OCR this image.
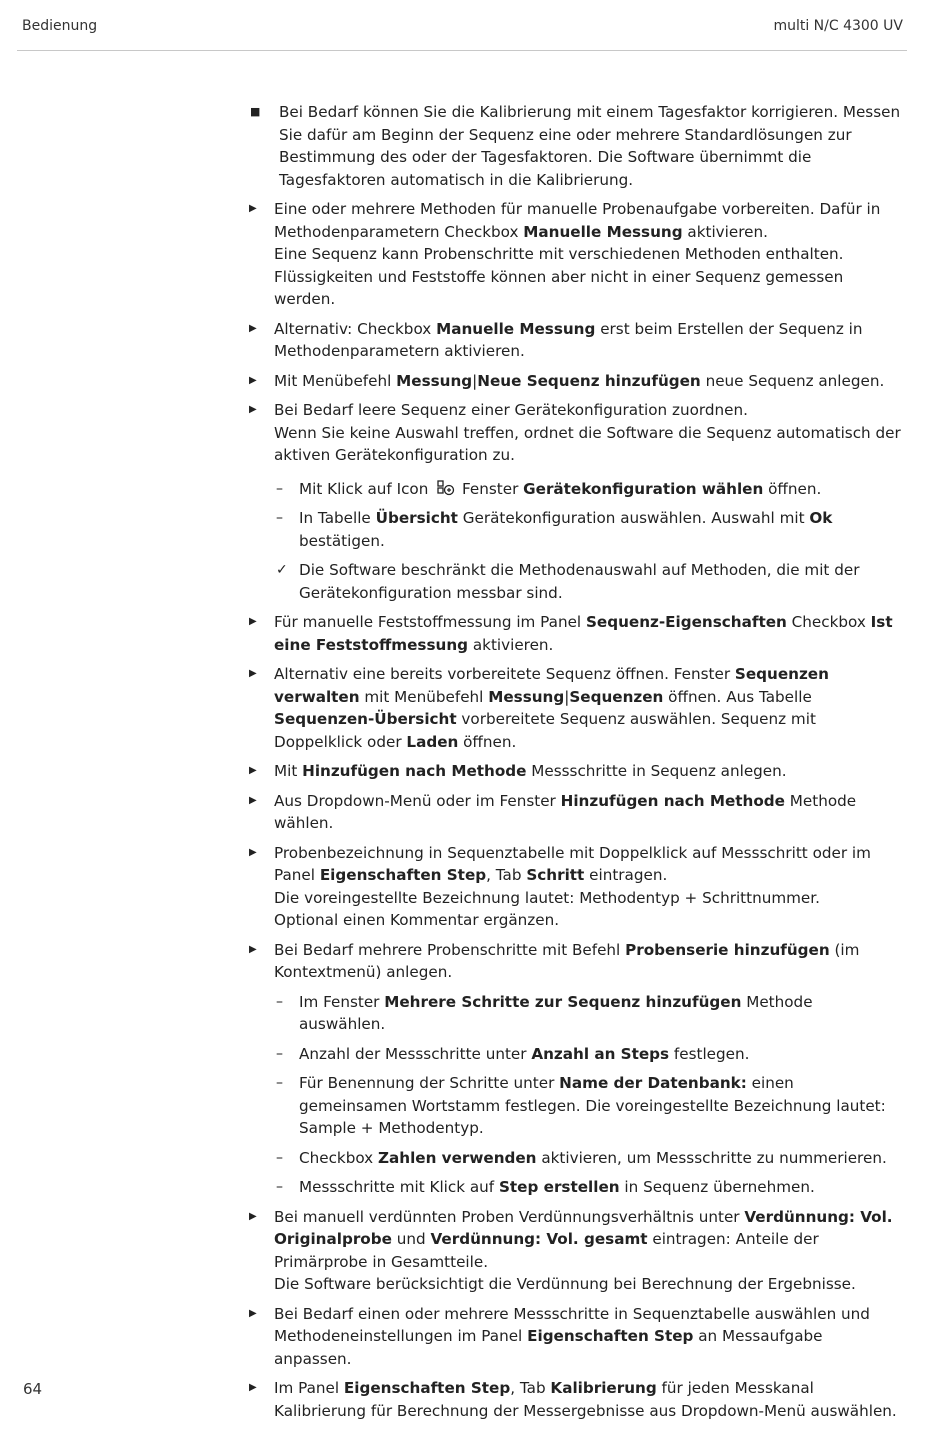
Bedienung	multi N/C 4300 UV
■ Bei Bedarf können Sie die Kalibrierung mit einem Tagesfaktor korrigieren. Messen Sie dafür am Beginn der Sequenz eine oder mehrere Standardlösungen zur Bestimmung des oder der Tagesfaktoren. Die Software übernimmt die Tagesfaktoren automatisch in die Kalibrierung.
▶ Eine oder mehrere Methoden für manuelle Probenaufgabe vorbereiten. Dafür in Methodenparametern Checkbox Manuelle Messung aktivieren.
Eine Sequenz kann Probenschritte mit verschiedenen Methoden enthalten. Flüssigkeiten und Feststoffe können aber nicht in einer Sequenz gemessen werden.
▶ Alternativ: Checkbox Manuelle Messung erst beim Erstellen der Sequenz in Methodenparametern aktivieren.
▶ Mit Menübefehl Messung|Neue Sequenz hinzufügen neue Sequenz anlegen.
▶ Bei Bedarf leere Sequenz einer Gerätekonfiguration zuordnen.
Wenn Sie keine Auswahl treffen, ordnet die Software die Sequenz automatisch der aktiven Gerätekonfiguration zu.
– Mit Klick auf Icon  Fenster Gerätekonfiguration wählen öffnen.
– In Tabelle Übersicht Gerätekonfiguration auswählen. Auswahl mit Ok bestätigen.
✓ Die Software beschränkt die Methodenauswahl auf Methoden, die mit der Gerätekonfiguration messbar sind.
▶ Für manuelle Feststoffmessung im Panel Sequenz-Eigenschaften Checkbox Ist eine Feststoffmessung aktivieren.
▶ Alternativ eine bereits vorbereitete Sequenz öffnen. Fenster Sequenzen verwalten mit Menübefehl Messung|Sequenzen öffnen. Aus Tabelle Sequenzen-Übersicht vorbereitete Sequenz auswählen. Sequenz mit Doppelklick oder Laden öffnen.
▶ Mit Hinzufügen nach Methode Messschritte in Sequenz anlegen.
▶ Aus Dropdown-Menü oder im Fenster Hinzufügen nach Methode Methode wählen.
▶ Probenbezeichnung in Sequenztabelle mit Doppelklick auf Messschritt oder im Panel Eigenschaften Step, Tab Schritt eintragen.
Die voreingestellte Bezeichnung lautet: Methodentyp + Schrittnummer.
Optional einen Kommentar ergänzen.
▶ Bei Bedarf mehrere Probenschritte mit Befehl Probenserie hinzufügen (im Kontextmenü) anlegen.
– Im Fenster Mehrere Schritte zur Sequenz hinzufügen Methode auswählen.
– Anzahl der Messschritte unter Anzahl an Steps festlegen.
– Für Benennung der Schritte unter Name der Datenbank: einen gemeinsamen Wortstamm festlegen. Die voreingestellte Bezeichnung lautet: Sample + Methodentyp.
– Checkbox Zahlen verwenden aktivieren, um Messschritte zu nummerieren.
– Messschritte mit Klick auf Step erstellen in Sequenz übernehmen.
▶ Bei manuell verdünnten Proben Verdünnungsverhältnis unter Verdünnung: Vol. Originalprobe und Verdünnung: Vol. gesamt eintragen: Anteile der Primärprobe in Gesamtteile.
Die Software berücksichtigt die Verdünnung bei Berechnung der Ergebnisse.
▶ Bei Bedarf einen oder mehrere Messschritte in Sequenztabelle auswählen und Methodeneinstellungen im Panel Eigenschaften Step an Messaufgabe anpassen.
▶ Im Panel Eigenschaften Step, Tab Kalibrierung für jeden Messkanal Kalibrierung für Berechnung der Messergebnisse aus Dropdown-Menü auswählen.
64
